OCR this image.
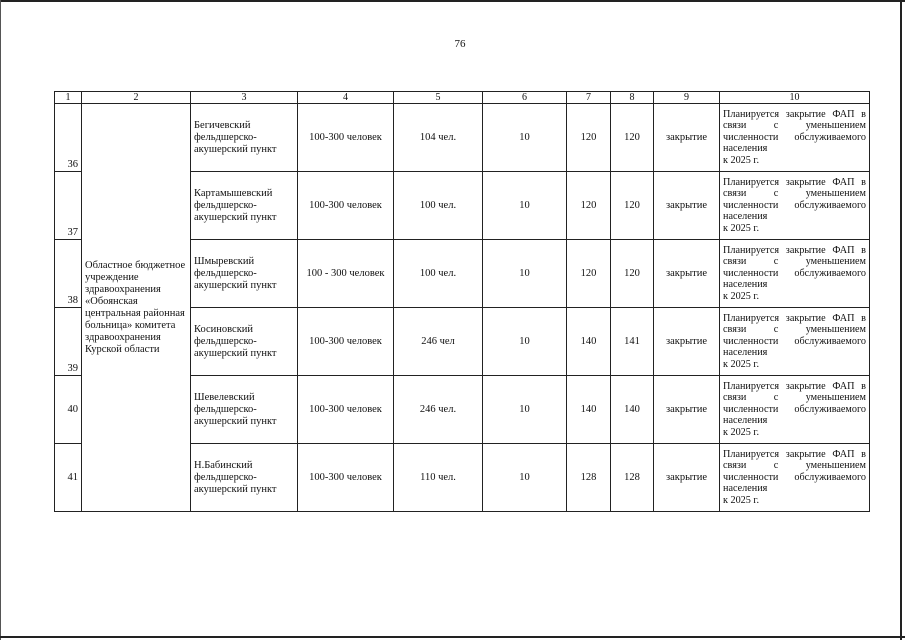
76
1	2	3	4	5	6	7	8	9	10
36	Областное бюджетное учреждение здравоохранения «Обоянская центральная районная больница» комитета здравоохранения Курской области	Бегичевский фельдшерско-акушерский пункт	100-300 человек	104 чел.	10	120	120	закрытие	Планируется закрытие ФАП в связи с уменьшением численности обслуживаемого населения
к 2025 г.

37		Картамышевский фельдшерско-акушерский пункт	100-300 человек	100 чел.	10	120	120	закрытие	Планируется закрытие ФАП в связи с уменьшением численности обслуживаемого населения
к 2025 г.

38		Шмыревский фельдшерско-акушерский пункт	100 - 300 человек	100 чел.	10	120	120	закрытие	Планируется закрытие ФАП в связи с уменьшением численности обслуживаемого населения
к 2025 г.

39		Косиновский фельдшерско-акушерский пункт	100-300 человек	246 чел	10	140	141	закрытие	Планируется закрытие ФАП в связи с уменьшением численности обслуживаемого населения
к 2025 г.

40		Шевелевский фельдшерско-акушерский пункт	100-300 человек	246 чел.	10	140	140	закрытие	Планируется закрытие ФАП в связи с уменьшением численности обслуживаемого населения
к 2025 г.

41		Н.Бабинский фельдшерско-акушерский пункт	100-300 человек	110 чел.	10	128	128	закрытие	Планируется закрытие ФАП в связи с уменьшением численности обслуживаемого населения
к 2025 г.
